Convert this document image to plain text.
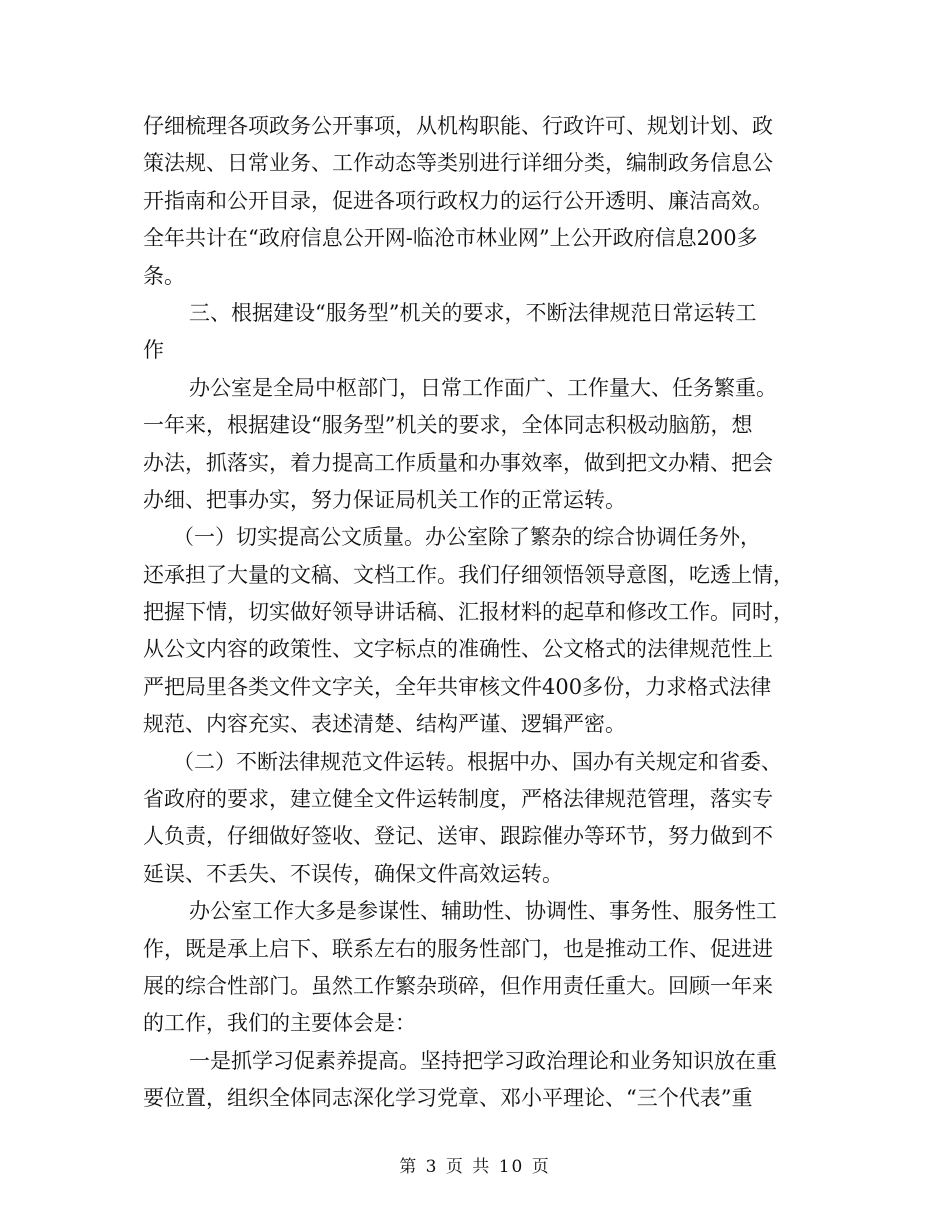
仔细梳理各项政务公开事项，从机构职能、行政许可、规划计划、政
策法规、日常业务、工作动态等类别进行详细分类，编制政务信息公
开指南和公开目录，促进各项行政权力的运行公开透明、廉洁高效。
全年共计在“政府信息公开网-临沧市林业网”上公开政府信息200多
条。
三、根据建设“服务型”机关的要求，不断法律规范日常运转工
作
办公室是全局中枢部门，日常工作面广、工作量大、任务繁重。
一年来，根据建设“服务型”机关的要求，全体同志积极动脑筋，想
办法，抓落实，着力提高工作质量和办事效率，做到把文办精、把会
办细、把事办实，努力保证局机关工作的正常运转。
（一）切实提高公文质量。办公室除了繁杂的综合协调任务外，
还承担了大量的文稿、文档工作。我们仔细领悟领导意图，吃透上情，
把握下情，切实做好领导讲话稿、汇报材料的起草和修改工作。同时，
从公文内容的政策性、文字标点的准确性、公文格式的法律规范性上
严把局里各类文件文字关，全年共审核文件400多份，力求格式法律
规范、内容充实、表述清楚、结构严谨、逻辑严密。
（二）不断法律规范文件运转。根据中办、国办有关规定和省委、
省政府的要求，建立健全文件运转制度，严格法律规范管理，落实专
人负责，仔细做好签收、登记、送审、跟踪催办等环节，努力做到不
延误、不丢失、不误传，确保文件高效运转。
办公室工作大多是参谋性、辅助性、协调性、事务性、服务性工
作，既是承上启下、联系左右的服务性部门，也是推动工作、促进进
展的综合性部门。虽然工作繁杂琐碎，但作用责任重大。回顾一年来
的工作，我们的主要体会是：
一是抓学习促素养提高。坚持把学习政治理论和业务知识放在重
要位置，组织全体同志深化学习党章、邓小平理论、“三个代表”重
第 3 页 共 10 页
